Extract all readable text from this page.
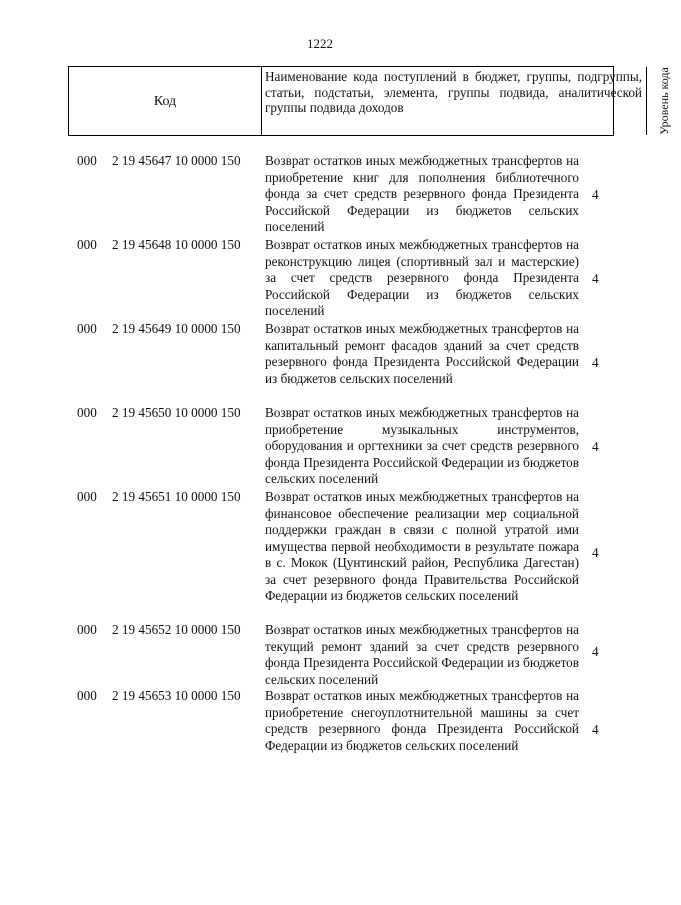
1222
Код
Наименование кода поступлений в бюджет, группы, подгруппы, статьи, подстатьи, элемента, группы подвида, аналитической группы подвида доходов	Уровень кода
000 2 19 45647 10 0000 150 Возврат остатков иных межбюджетных трансфертов на приобретение книг для пополнения библиотечного фонда за счет средств резервного фонда Президента Российской Федерации из бюджетов сельских поселений
4
000 2 19 45648 10 0000 150 Возврат остатков иных межбюджетных трансфертов на реконструкцию лицея (спортивный зал и мастерские) за счет средств резервного фонда Президента Российской Федерации из бюджетов сельских поселений
4
000 2 19 45649 10 0000 150 Возврат остатков иных межбюджетных трансфертов на капитальный ремонт фасадов зданий за счет средств резервного фонда Президента Российской Федерации из бюджетов сельских поселений
4
000 2 19 45650 10 0000 150 Возврат остатков иных межбюджетных трансфертов на приобретение музыкальных инструментов, оборудования и оргтехники за счет средств резервного фонда Президента Российской Федерации из бюджетов сельских поселений
4
000 2 19 45651 10 0000 150 Возврат остатков иных межбюджетных трансфертов на финансовое обеспечение реализации мер социальной поддержки граждан в связи с полной утратой ими имущества первой необходимости в результате пожара в с. Мокок (Цунтинский район, Республика Дагестан) за счет резервного фонда Правительства Российской Федерации из бюджетов сельских поселений
4
000 2 19 45652 10 0000 150 Возврат остатков иных межбюджетных трансфертов на текущий ремонт зданий за счет средств резервного фонда Президента Российской Федерации из бюджетов сельских поселений
4
000 2 19 45653 10 0000 150 Возврат остатков иных межбюджетных трансфертов на приобретение снегоуплотнительной машины за счет средств резервного фонда Президента Российской Федерации из бюджетов сельских поселений
4
